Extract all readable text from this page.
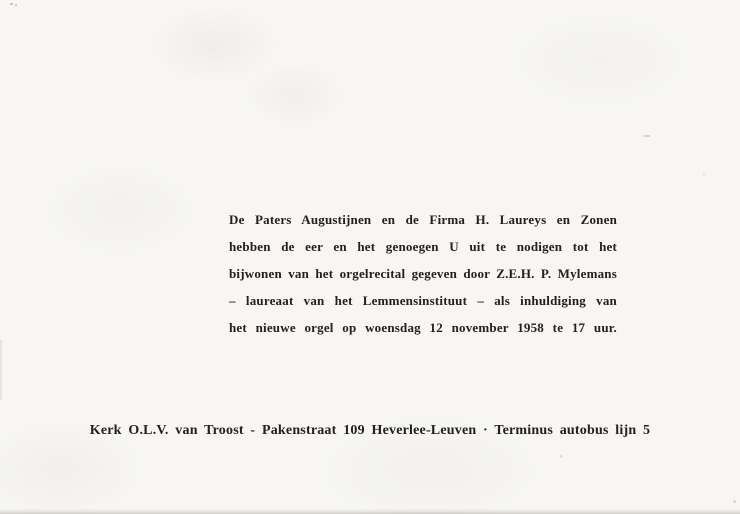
De Paters Augustijnen en de Firma H. Laureys en Zonen
hebben de eer en het genoegen U uit te nodigen tot het
bijwonen van het orgelrecital gegeven door Z.E.H. P. Mylemans
– laureaat van het Lemmensinstituut – als inhuldiging van
het nieuwe orgel op woensdag 12 november 1958 te 17 uur.
Kerk O.L.V. van Troost - Pakenstraat 109 Heverlee-Leuven · Terminus autobus lijn 5
